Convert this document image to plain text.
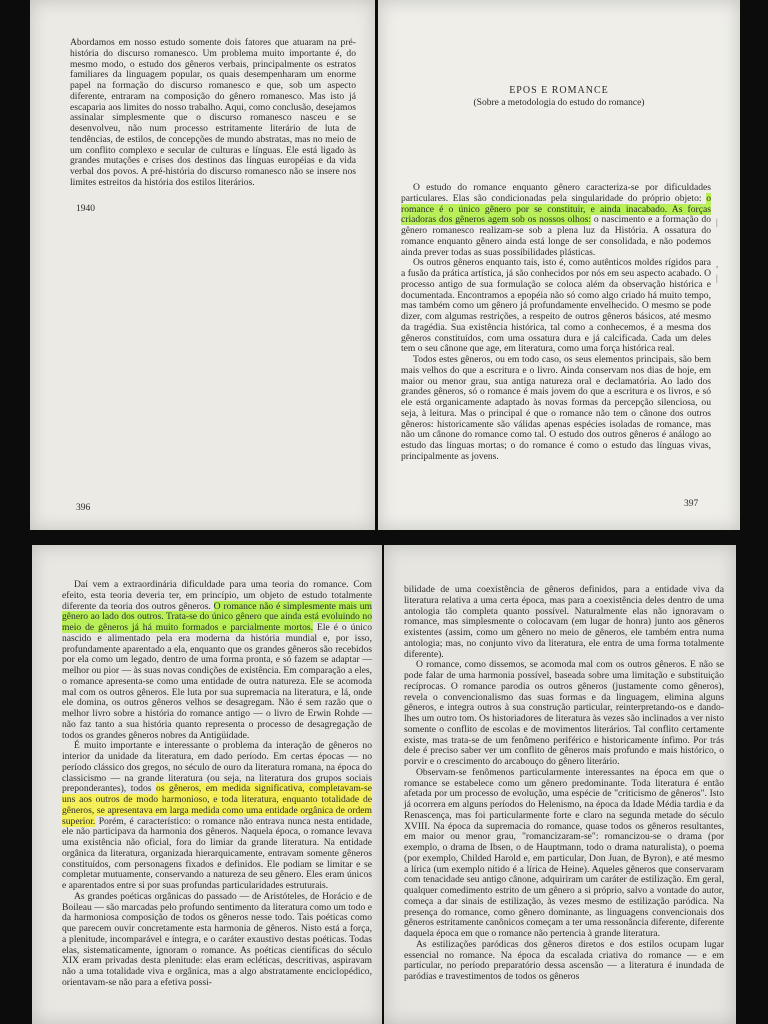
Abordamos em nosso estudo somente dois fatores que atuaram na pré-história do discurso romanesco. Um problema muito importante é, do mesmo modo, o estudo dos gêneros verbais, principalmente os estratos familiares da linguagem popular, os quais desempenharam um enorme papel na formação do discurso romanesco e que, sob um aspecto diferente, entraram na composição do gênero romanesco. Mas isto já escaparia aos limites do nosso trabalho. Aqui, como conclusão, desejamos assinalar simplesmente que o discurso romanesco nasceu e se desenvolveu, não num processo estritamente literário de luta de tendências, de estilos, de concepções de mundo abstratas, mas no meio de um conflito complexo e secular de culturas e línguas. Ele está ligado às grandes mutações e crises dos destinos das línguas européias e da vida verbal dos povos. A pré-história do discurso romanesco não se insere nos limites estreitos da história dos estilos literários.

1940
396
EPOS E ROMANCE
(Sobre a metodologia do estudo do romance)

O estudo do romance enquanto gênero caracteriza-se por dificuldades particulares. Elas são condicionadas pela singularidade do próprio objeto: o romance é o único gênero por se constituir, e ainda inacabado. As forças criadoras dos gêneros agem sob os nossos olhos: o nascimento e a formação do gênero romanesco realizam-se sob a plena luz da História. A ossatura do romance enquanto gênero ainda está longe de ser consolidada, e não podemos ainda prever todas as suas possibilidades plásticas.

Os outros gêneros enquanto tais, isto é, como autênticos moldes rígidos para a fusão da prática artística, já são conhecidos por nós em seu aspecto acabado. O processo antigo de sua formulação se coloca além da observação histórica e documentada. Encontramos a epopéia não só como algo criado há muito tempo, mas também como um gênero já profundamente envelhecido. O mesmo se pode dizer, com algumas restrições, a respeito de outros gêneros básicos, até mesmo da tragédia. Sua existência histórica, tal como a conhecemos, é a mesma dos gêneros constituídos, com uma ossatura dura e já calcificada. Cada um deles tem o seu cânone que age, em literatura, como uma força histórica real.

Todos estes gêneros, ou em todo caso, os seus elementos principais, são bem mais velhos do que a escritura e o livro. Ainda conservam nos dias de hoje, em maior ou menor grau, sua antiga natureza oral e declamatória. Ao lado dos grandes gêneros, só o romance é mais jovem do que a escritura e os livros, e só ele está organicamente adaptado às novas formas da percepção silenciosa, ou seja, à leitura. Mas o principal é que o romance não tem o cânone dos outros gêneros: historicamente são válidas apenas espécies isoladas de romance, mas não um cânone do romance como tal. O estudo dos outros gêneros é análogo ao estudo das línguas mortas; o do romance é como o estudo das línguas vivas, principalmente as jovens.

|

,
|
397

Daí vem a extraordinária dificuldade para uma teoria do romance. Com efeito, esta teoria deveria ter, em princípio, um objeto de estudo totalmente diferente da teoria dos outros gêneros. O romance não é simplesmente mais um gênero ao lado dos outros. Trata-se do único gênero que ainda está evoluindo no meio de gêneros já há muito formados e parcialmente mortos. Ele é o único nascido e alimentado pela era moderna da história mundial e, por isso, profundamente aparentado a ela, enquanto que os grandes gêneros são recebidos por ela como um legado, dentro de uma forma pronta, e só fazem se adaptar — melhor ou pior — às suas novas condições de existência. Em comparação a eles, o romance apresenta-se como uma entidade de outra natureza. Ele se acomoda mal com os outros gêneros. Ele luta por sua supremacia na literatura, e lá, onde ele domina, os outros gêneros velhos se desagregam. Não é sem razão que o melhor livro sobre a história do romance antigo — o livro de Erwin Rohde — não faz tanto a sua história quanto representa o processo de desagregação de todos os grandes gêneros nobres da Antigüidade.

É muito importante e interessante o problema da interação de gêneros no interior da unidade da literatura, em dado período. Em certas épocas — no período clássico dos gregos, no século de ouro da literatura romana, na época do classicismo — na grande literatura (ou seja, na literatura dos grupos sociais preponderantes), todos os gêneros, em medida significativa, completavam-se uns aos outros de modo harmonioso, e toda literatura, enquanto totalidade de gêneros, se apresentava em larga medida como uma entidade orgânica de ordem superior. Porém, é característico: o romance não entrava nunca nesta entidade, ele não participava da harmonia dos gêneros. Naquela época, o romance levava uma existência não oficial, fora do limiar da grande literatura. Na entidade orgânica da literatura, organizada hierarquicamente, entravam somente gêneros constituídos, com personagens fixados e definidos. Ele podiam se limitar e se completar mutuamente, conservando a natureza de seu gênero. Eles eram únicos e aparentados entre si por suas profundas particularidades estruturais.

As grandes poéticas orgânicas do passado — de Aristóteles, de Horácio e de Boileau — são marcadas pelo profundo sentimento da literatura como um todo e da harmoniosa composição de todos os gêneros nesse todo. Tais poéticas como que parecem ouvir concretamente esta harmonia de gêneros. Nisto está a força, a plenitude, incomparável e íntegra, e o caráter exaustivo destas poéticas. Todas elas, sistematicamente, ignoram o romance. As poéticas científicas do século XIX eram privadas desta plenitude: elas eram ecléticas, descritivas, aspiravam não a uma totalidade viva e orgânica, mas a algo abstratamente enciclopédico, orientavam-se não para a efetiva possi-

bilidade de uma coexistência de gêneros definidos, para a entidade viva da literatura relativa a uma certa época, mas para a coexistência deles dentro de uma antologia tão completa quanto possível. Naturalmente elas não ignoravam o romance, mas simplesmente o colocavam (em lugar de honra) junto aos gêneros existentes (assim, como um gênero no meio de gêneros, ele também entra numa antologia; mas, no conjunto vivo da literatura, ele entra de uma forma totalmente diferente).

O romance, como dissemos, se acomoda mal com os outros gêneros. E não se pode falar de uma harmonia possível, baseada sobre uma limitação e substituição recíprocas. O romance parodia os outros gêneros (justamente como gêneros), revela o convencionalismo das suas formas e da linguagem, elimina alguns gêneros, e integra outros à sua construção particular, reinterpretando-os e dando-lhes um outro tom. Os historiadores de literatura às vezes são inclinados a ver nisto somente o conflito de escolas e de movimentos literários. Tal conflito certamente existe, mas trata-se de um fenômeno periférico e historicamente ínfimo. Por trás dele é preciso saber ver um conflito de gêneros mais profundo e mais histórico, o porvir e o crescimento do arcabouço do gênero literário.

Observam-se fenômenos particularmente interessantes na época em que o romance se estabelece como um gênero predominante. Toda literatura é então afetada por um processo de evolução, uma espécie de "criticismo de gêneros". Isto já ocorrera em alguns períodos do Helenismo, na época da Idade Média tardia e da Renascença, mas foi particularmente forte e claro na segunda metade do século XVIII. Na época da supremacia do romance, quase todos os gêneros resultantes, em maior ou menor grau, "romancizaram-se": romancizou-se o drama (por exemplo, o drama de Ibsen, o de Hauptmann, todo o drama naturalista), o poema (por exemplo, Childed Harold e, em particular, Don Juan, de Byron), e até mesmo a lírica (um exemplo nítido é a lírica de Heine). Aqueles gêneros que conservaram com tenacidade seu antigo cânone, adquiriram um caráter de estilização. Em geral, qualquer comedimento estrito de um gênero a si próprio, salvo a vontade do autor, começa a dar sinais de estilização, às vezes mesmo de estilização paródica. Na presença do romance, como gênero dominante, as linguagens convencionais dos gêneros estritamente canônicos começam a ter uma ressonância diferente, diferente daquela época em que o romance não pertencia à grande literatura.

As estilizações paródicas dos gêneros diretos e dos estilos ocupam lugar essencial no romance. Na época da escalada criativa do romance — e em particular, no período preparatório dessa ascensão — a literatura é inundada de paródias e travestimentos de todos os gêneros
